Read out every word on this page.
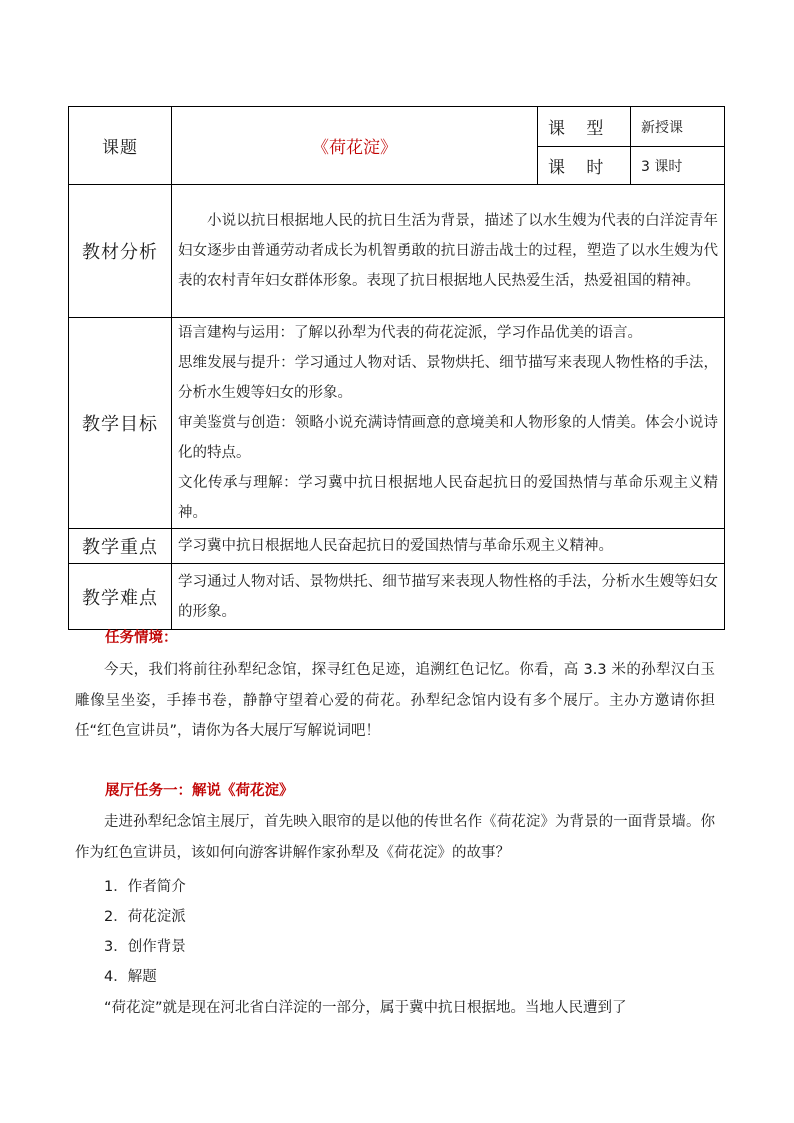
课题	《荷花淀》	课 型	新授课
		课 时	3 课时
教材分析	小说以抗日根据地人民的抗日生活为背景，描述了以水生嫂为代表的白洋淀青年妇女逐步由普通劳动者成长为机智勇敢的抗日游击战士的过程，塑造了以水生嫂为代表的农村青年妇女群体形象。表现了抗日根据地人民热爱生活，热爱祖国的精神。		

教学目标	语言建构与运用：了解以孙犁为代表的荷花淀派，学习作品优美的语言。

思维发展与提升：学习通过人物对话、景物烘托、细节描写来表现人物性格的手法，分析水生嫂等妇女的形象。

审美鉴赏与创造：领略小说充满诗情画意的意境美和人物形象的人情美。体会小说诗化的特点。

文化传承与理解：学习冀中抗日根据地人民奋起抗日的爱国热情与革命乐观主义精神。		

教学重点	学习冀中抗日根据地人民奋起抗日的爱国热情与革命乐观主义精神。		
教学难点	学习通过人物对话、景物烘托、细节描写来表现人物性格的手法，分析水生嫂等妇女的形象。		
任务情境：
今天，我们将前往孙犁纪念馆，探寻红色足迹，追溯红色记忆。你看，高 3.3 米的孙犁汉白玉雕像呈坐姿，手捧书卷，静静守望着心爱的荷花。孙犁纪念馆内设有多个展厅。主办方邀请你担任“红色宣讲员”，请你为各大展厅写解说词吧！
展厅任务一：解说《荷花淀》
走进孙犁纪念馆主展厅，首先映入眼帘的是以他的传世名作《荷花淀》为背景的一面背景墙。你作为红色宣讲员，该如何向游客讲解作家孙犁及《荷花淀》的故事？
1．作者简介
2．荷花淀派
3．创作背景
4．解题
“荷花淀”就是现在河北省白洋淀的一部分，属于冀中抗日根据地。当地人民遭到了
